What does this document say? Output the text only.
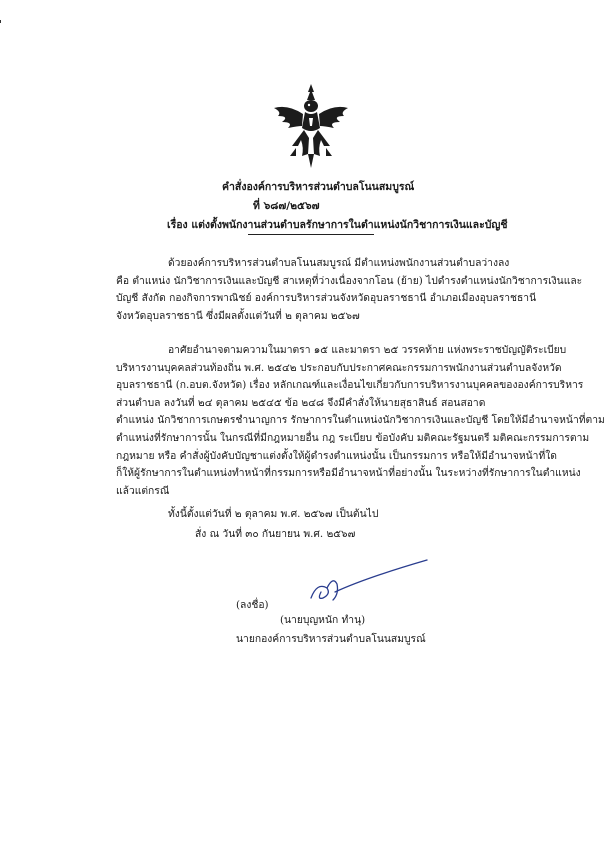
คำสั่งองค์การบริหารส่วนตำบลโนนสมบูรณ์
ที่ ๖๘๗/๒๕๖๗
เรื่อง แต่งตั้งพนักงานส่วนตำบลรักษาการในตำแหน่งนักวิชาการเงินและบัญชี
ด้วยองค์การบริหารส่วนตำบลโนนสมบูรณ์ มีตำแหน่งพนักงานส่วนตำบลว่างลง
คือ ตำแหน่ง นักวิชาการเงินและบัญชี สาเหตุที่ว่างเนื่องจากโอน (ย้าย) ไปดำรงตำแหน่งนักวิชาการเงินและ
บัญชี สังกัด กองกิจการพาณิชย์ องค์การบริหารส่วนจังหวัดอุบลราชธานี อำเภอเมืองอุบลราชธานี
จังหวัดอุบลราชธานี ซึ่งมีผลตั้งแต่วันที่ ๒ ตุลาคม ๒๕๖๗
อาศัยอำนาจตามความในมาตรา ๑๕ และมาตรา ๒๕ วรรคท้าย แห่งพระราชบัญญัติระเบียบ
บริหารงานบุคคลส่วนท้องถิ่น พ.ศ. ๒๕๔๒ ประกอบกับประกาศคณะกรรมการพนักงานส่วนตำบลจังหวัด
อุบลราชธานี (ก.อบต.จังหวัด) เรื่อง หลักเกณฑ์และเงื่อนไขเกี่ยวกับการบริหารงานบุคคลขององค์การบริหาร
ส่วนตำบล ลงวันที่ ๒๔ ตุลาคม ๒๕๔๕ ข้อ ๒๔๘ จึงมีคำสั่งให้นายสุธาสินธ์ สอนสอาด
ตำแหน่ง นักวิชาการเกษตรชำนาญการ รักษาการในตำแหน่งนักวิชาการเงินและบัญชี โดยให้มีอำนาจหน้าที่ตาม
ตำแหน่งที่รักษาการนั้น ในกรณีที่มีกฎหมายอื่น กฎ ระเบียบ ข้อบังคับ มติคณะรัฐมนตรี มติคณะกรรมการตาม
กฎหมาย หรือ คำสั่งผู้บังคับบัญชาแต่งตั้งให้ผู้ดำรงตำแหน่งนั้น เป็นกรรมการ หรือให้มีอำนาจหน้าที่ใด
ก็ให้ผู้รักษาการในตำแหน่งทำหน้าที่กรรมการหรือมีอำนาจหน้าที่อย่างนั้น ในระหว่างที่รักษาการในตำแหน่ง
แล้วแต่กรณี
ทั้งนี้ตั้งแต่วันที่ ๒ ตุลาคม พ.ศ. ๒๕๖๗ เป็นต้นไป
สั่ง ณ วันที่ ๓๐ กันยายน พ.ศ. ๒๕๖๗
(ลงชื่อ)
(นายบุญหนัก ทำนุ)
นายกองค์การบริหารส่วนตำบลโนนสมบูรณ์
